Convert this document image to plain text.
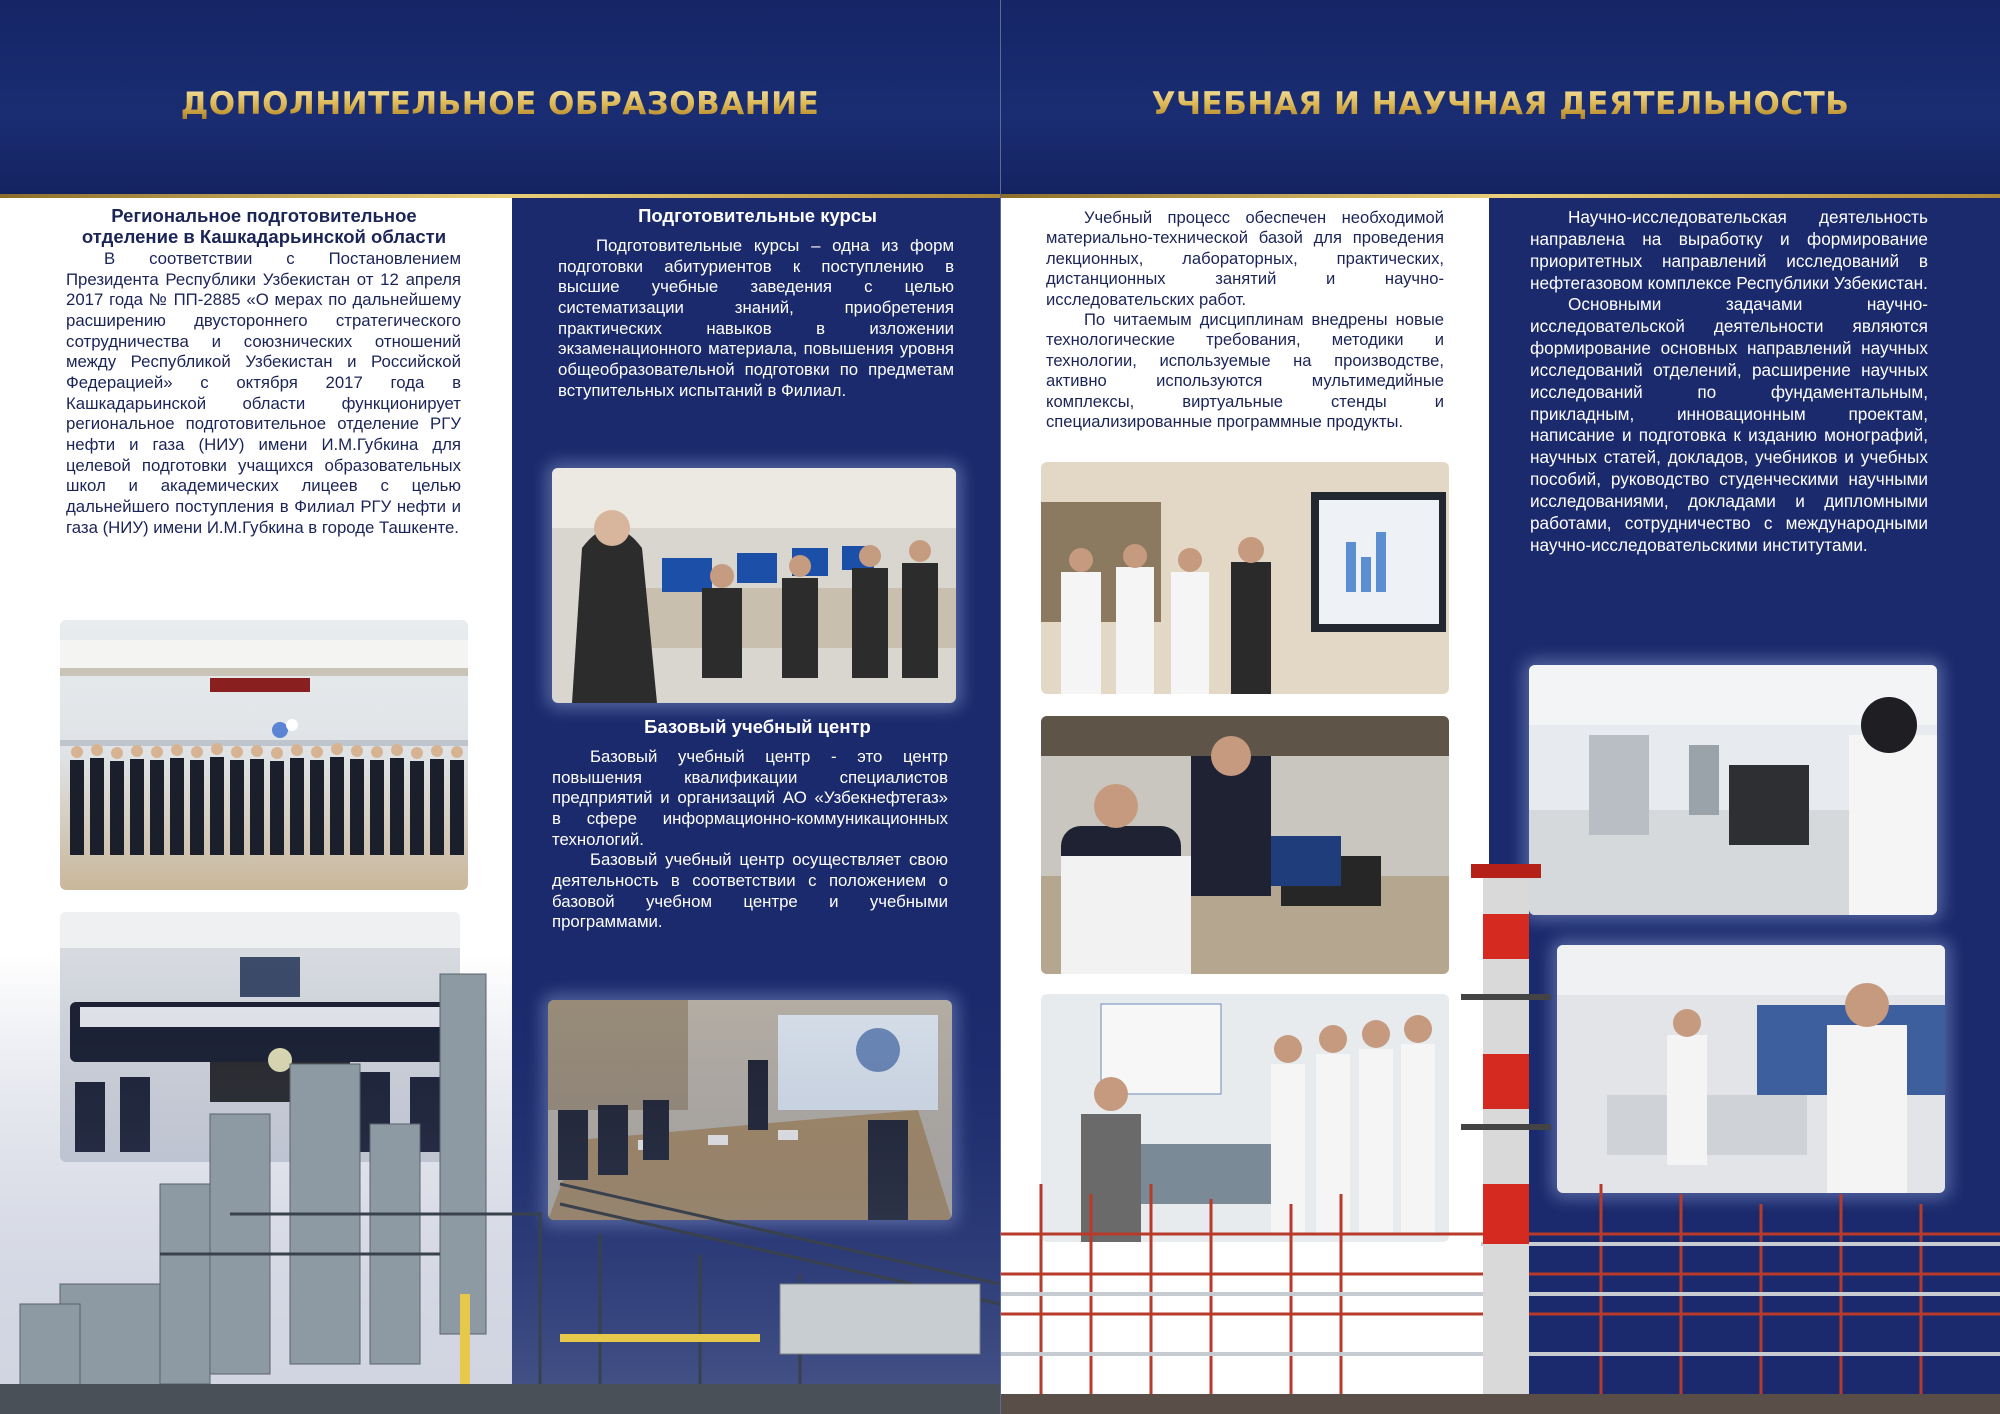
ДОПОЛНИТЕЛЬНОЕ ОБРАЗОВАНИЕ
Региональное подготовительное
отделение в Кашкадарьинской области

В соответствии с Постановлением Президента Республики Узбекистан от 12 апреля 2017 года № ПП-2885 «О мерах по дальнейшему расширению двустороннего стратегического сотрудничества и союзнических отношений между Республикой Узбекистан и Российской Федерацией» с октября 2017 года в Кашкадарьинской области функционирует региональное подготовительное отделение РГУ нефти и газа (НИУ) имени И.М.Губкина для целевой подготовки учащихся образовательных школ и академических лицеев с целью дальнейшего поступления в Филиал РГУ нефти и газа (НИУ) имени И.М.Губкина в городе Ташкенте.

Подготовительные курсы

Подготовительные курсы – одна из форм подготовки абитуриентов к поступлению в высшие учебные заведения с целью систематизации знаний, приобретения практических навыков в изложении экзаменационного материала, повышения уровня общеобразовательной подготовки по предметам вступительных испытаний в Филиал.

Базовый учебный центр

Базовый учебный центр - это центр повышения квалификации специалистов предприятий и организаций АО «Узбекнефтегаз» в сфере информационно-коммуникационных технологий.

Базовый учебный центр осуществляет свою деятельность в соответствии с положением о базовой учебном центре и учебными программами.

УЧЕБНАЯ И НАУЧНАЯ ДЕЯТЕЛЬНОСТЬ

Учебный процесс обеспечен необходимой материально-технической базой для проведения лекционных, лабораторных, практических, дистанционных занятий и научно-исследовательских работ.

По читаемым дисциплинам внедрены новые технологические требования, методики и технологии, используемые на производстве, активно используются мультимедийные комплексы, виртуальные стенды и специализированные программные продукты.

Научно-исследовательская деятельность направлена на выработку и формирование приоритетных направлений исследований в нефтегазовом комплексе Республики Узбекистан.

Основными задачами научно-исследовательской деятельности являются формирование основных направлений научных исследований отделений, расширение научных исследований по фундаментальным, прикладным, инновационным проектам, написание и подготовка к изданию монографий, научных статей, докладов, учебников и учебных пособий, руководство студенческими научными исследованиями, докладами и дипломными работами, сотрудничество с международными научно-исследовательскими институтами.
